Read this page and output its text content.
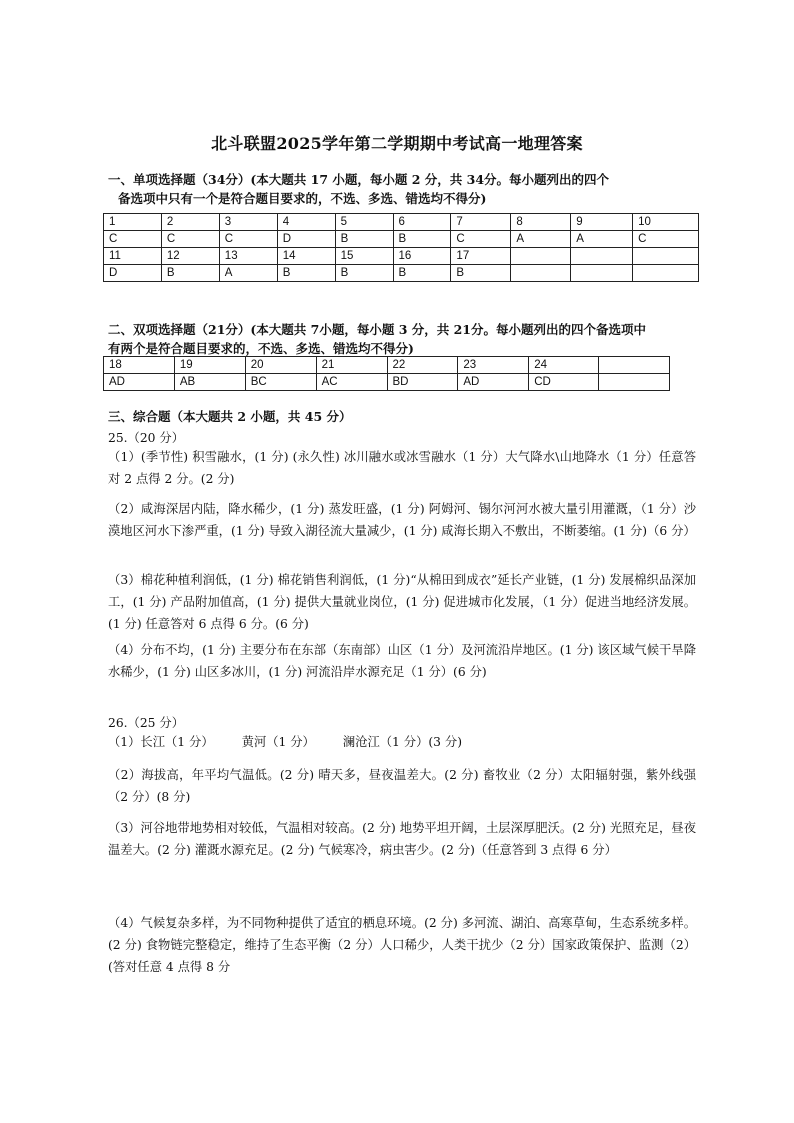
北斗联盟2025学年第二学期期中考试高一地理答案
一、单项选择题（34分）(本大题共 17 小题，每小题 2 分，共 34分。每小题列出的四个
备选项中只有一个是符合题目要求的，不选、多选、错选均不得分)
1	2	3	4	5	6	7	8	9	10
C	C	C	D	B	B	C	A	A	C
11	12	13	14	15	16	17			
D	B	A	B	B	B	B			
二、双项选择题（21分）(本大题共 7小题，每小题 3 分，共 21分。每小题列出的四个备选项中
有两个是符合题目要求的，不选、多选、错选均不得分)
18	19	20	21	22	23	24	
AD	AB	BC	AC	BD	AD	CD	
三、综合题（本大题共 2 小题，共 45 分）
25.（20 分）
（1）(季节性) 积雪融水，(1 分) (永久性) 冰川融水或冰雪融水（1 分）大气降水\山地降水（1 分）任意答对 2 点得 2 分。(2 分)
（2）咸海深居内陆，降水稀少，(1 分) 蒸发旺盛，(1 分) 阿姆河、锡尔河河水被大量引用灌溉，（1 分）沙漠地区河水下渗严重，(1 分) 导致入湖径流大量减少，(1 分) 咸海长期入不敷出，不断萎缩。(1 分)（6 分）
（3）棉花种植利润低，(1 分) 棉花销售利润低，(1 分)“从棉田到成衣”延长产业链，(1 分) 发展棉织品深加工，(1 分) 产品附加值高，(1 分) 提供大量就业岗位，(1 分) 促进城市化发展，（1 分）促进当地经济发展。(1 分) 任意答对 6 点得 6 分。(6 分)
（4）分布不均，(1 分) 主要分布在东部（东南部）山区（1 分）及河流沿岸地区。(1 分) 该区域气候干旱降水稀少，(1 分) 山区多冰川，(1 分) 河流沿岸水源充足（1 分）(6 分)
26.（25 分）
（1）长江（1 分） 黄河（1 分） 澜沧江（1 分）(3 分)
（2）海拔高，年平均气温低。(2 分) 晴天多，昼夜温差大。(2 分) 畜牧业（2 分）太阳辐射强，紫外线强（2 分）(8 分)
（3）河谷地带地势相对较低，气温相对较高。(2 分) 地势平坦开阔，土层深厚肥沃。(2 分) 光照充足，昼夜温差大。(2 分) 灌溉水源充足。(2 分) 气候寒冷，病虫害少。(2 分)（任意答到 3 点得 6 分）
（4）气候复杂多样，为不同物种提供了适宜的栖息环境。(2 分) 多河流、湖泊、高寒草甸，生态系统多样。(2 分) 食物链完整稳定，维持了生态平衡（2 分）人口稀少，人类干扰少（2 分）国家政策保护、监测（2）(答对任意 4 点得 8 分
